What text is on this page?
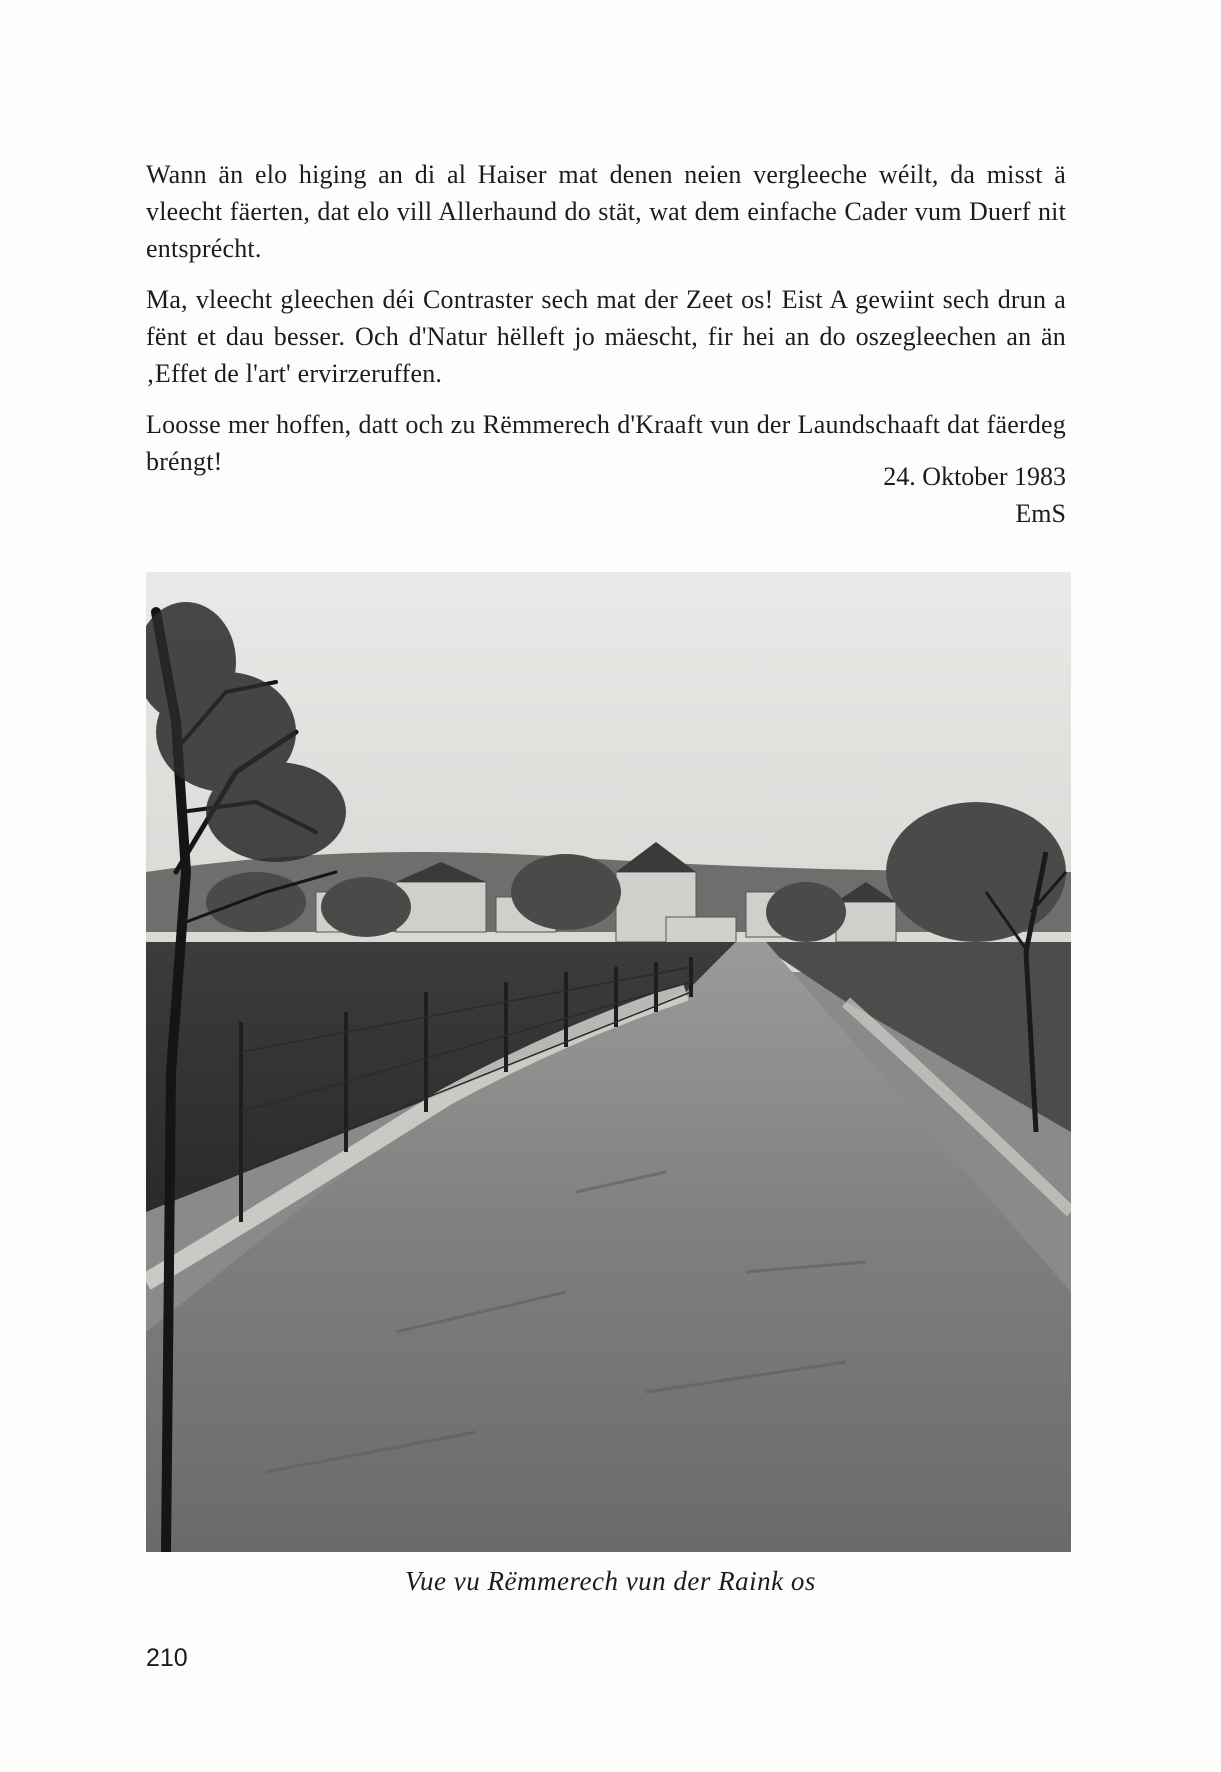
Wann än elo higing an di al Haiser mat denen neien vergleeche wéilt, da misst ä vleecht fäerten, dat elo vill Allerhaund do stät, wat dem einfache Cader vum Duerf nit entsprécht.

Ma, vleecht gleechen déi Contraster sech mat der Zeet os! Eist A gewiint sech drun a fënt et dau besser. Och d'Natur hëlleft jo mäescht, fir hei an do oszegleechen an än ‚Effet de l'art' ervirzeruffen.

Loosse mer hoffen, datt och zu Rëmmerech d'Kraaft vun der Laundschaaft dat fäerdeg bréngt!

24. Oktober 1983
EmS
Vue vu Rëmmerech vun der Raink os
210
